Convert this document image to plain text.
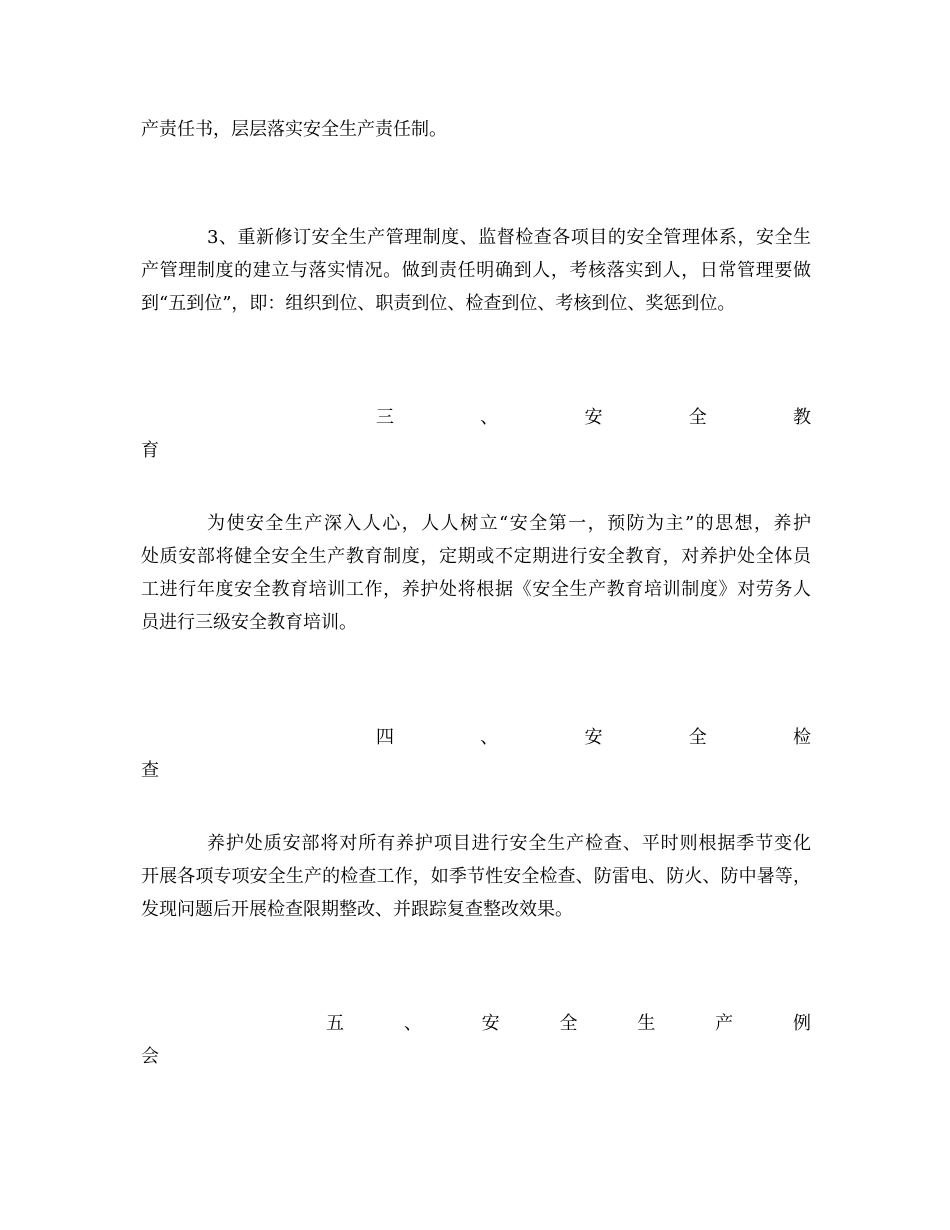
产责任书，层层落实安全生产责任制。
3、重新修订安全生产管理制度、监督检查各项目的安全管理体系，安全生
产管理制度的建立与落实情况。做到责任明确到人，考核落实到人，日常管理要做
到“五到位”，即：组织到位、职责到位、检查到位、考核到位、奖惩到位。
三	、	安	全	教
育
为使安全生产深入人心，人人树立“安全第一，预防为主”的思想，养护
处质安部将健全安全生产教育制度，定期或不定期进行安全教育，对养护处全体员
工进行年度安全教育培训工作，养护处将根据《安全生产教育培训制度》对劳务人
员进行三级安全教育培训。
四	、	安	全	检
查
养护处质安部将对所有养护项目进行安全生产检查、平时则根据季节变化
开展各项专项安全生产的检查工作，如季节性安全检查、防雷电、防火、防中暑等，
发现问题后开展检查限期整改、并跟踪复查整改效果。
五	、	安	全	生	产	例
会
